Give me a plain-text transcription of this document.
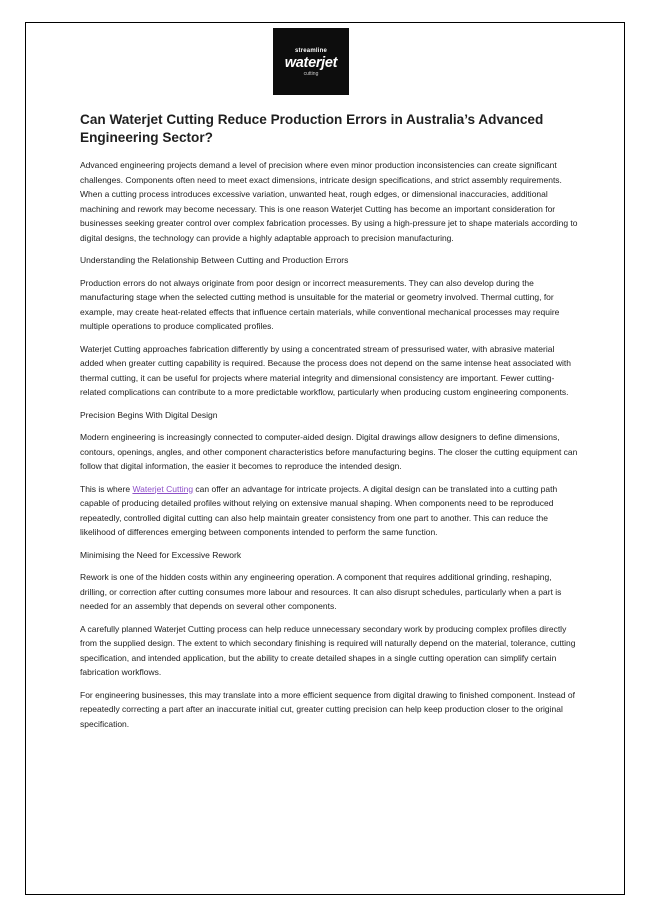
streamline
waterjet
cutting
Can Waterjet Cutting Reduce Production Errors in Australia’s Advanced Engineering Sector?

Advanced engineering projects demand a level of precision where even minor production inconsistencies can create significant challenges. Components often need to meet exact dimensions, intricate design specifications, and strict assembly requirements. When a cutting process introduces excessive variation, unwanted heat, rough edges, or dimensional inaccuracies, additional machining and rework may become necessary. This is one reason Waterjet Cutting has become an important consideration for businesses seeking greater control over complex fabrication processes. By using a high-pressure jet to shape materials according to digital designs, the technology can provide a highly adaptable approach to precision manufacturing.

Understanding the Relationship Between Cutting and Production Errors

Production errors do not always originate from poor design or incorrect measurements. They can also develop during the manufacturing stage when the selected cutting method is unsuitable for the material or geometry involved. Thermal cutting, for example, may create heat-related effects that influence certain materials, while conventional mechanical processes may require multiple operations to produce complicated profiles.

Waterjet Cutting approaches fabrication differently by using a concentrated stream of pressurised water, with abrasive material added when greater cutting capability is required. Because the process does not depend on the same intense heat associated with thermal cutting, it can be useful for projects where material integrity and dimensional consistency are important. Fewer cutting-related complications can contribute to a more predictable workflow, particularly when producing custom engineering components.

Precision Begins With Digital Design

Modern engineering is increasingly connected to computer-aided design. Digital drawings allow designers to define dimensions, contours, openings, angles, and other component characteristics before manufacturing begins. The closer the cutting equipment can follow that digital information, the easier it becomes to reproduce the intended design.

This is where Waterjet Cutting can offer an advantage for intricate projects. A digital design can be translated into a cutting path capable of producing detailed profiles without relying on extensive manual shaping. When components need to be reproduced repeatedly, controlled digital cutting can also help maintain greater consistency from one part to another. This can reduce the likelihood of differences emerging between components intended to perform the same function.

Minimising the Need for Excessive Rework

Rework is one of the hidden costs within any engineering operation. A component that requires additional grinding, reshaping, drilling, or correction after cutting consumes more labour and resources. It can also disrupt schedules, particularly when a part is needed for an assembly that depends on several other components.

A carefully planned Waterjet Cutting process can help reduce unnecessary secondary work by producing complex profiles directly from the supplied design. The extent to which secondary finishing is required will naturally depend on the material, tolerance, cutting specification, and intended application, but the ability to create detailed shapes in a single cutting operation can simplify certain fabrication workflows.

For engineering businesses, this may translate into a more efficient sequence from digital drawing to finished component. Instead of repeatedly correcting a part after an inaccurate initial cut, greater cutting precision can help keep production closer to the original specification.
